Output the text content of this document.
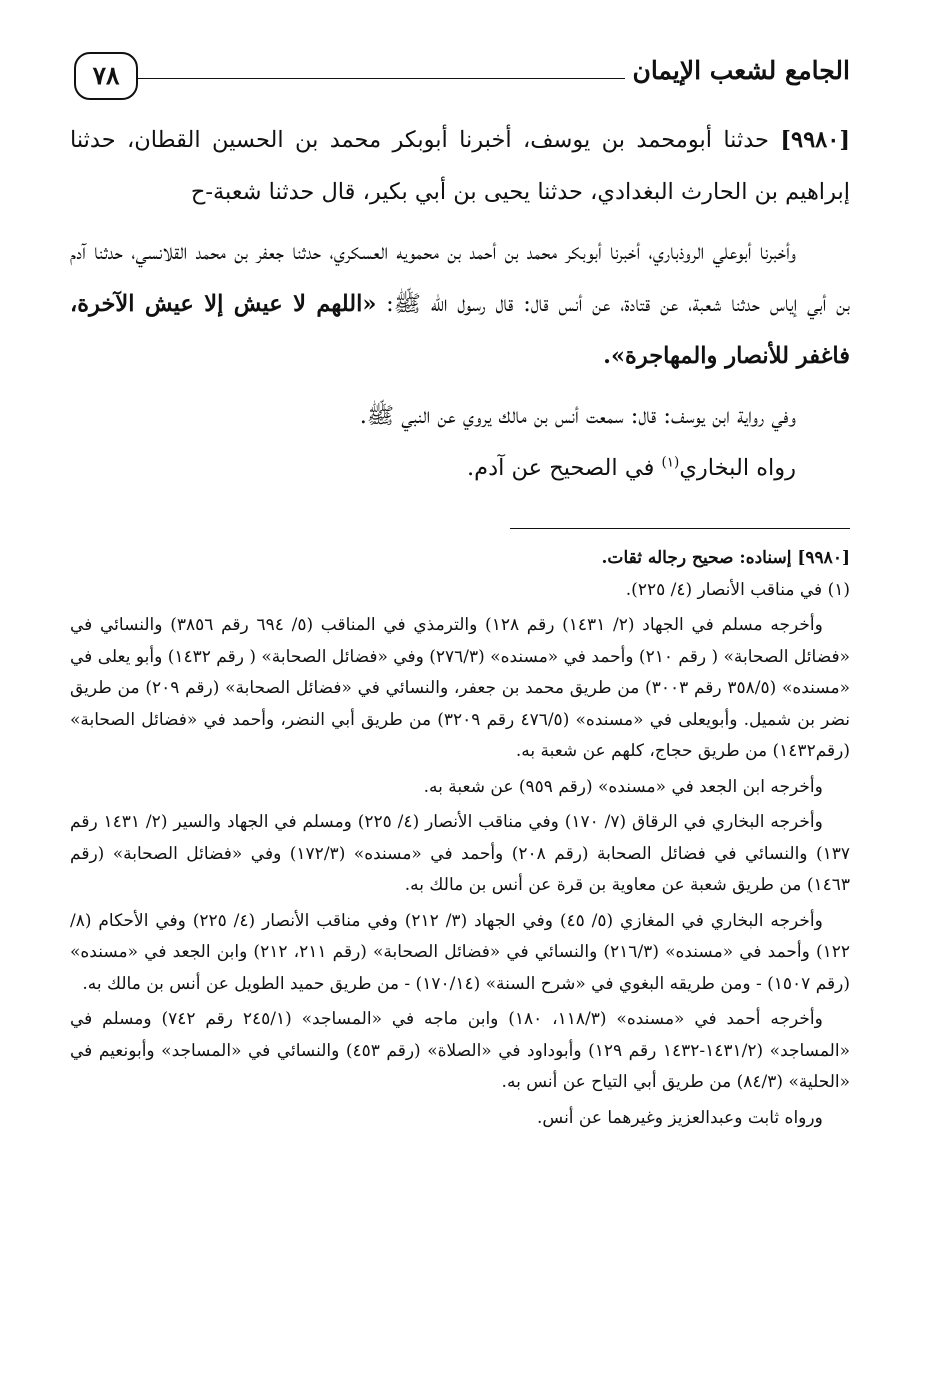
الجامع لشعب الإيمان
٧٨

[٩٩٨٠] حدثنا أبومحمد بن يوسف، أخبرنا أبوبكر محمد بن الحسين القطان، حدثنا إبراهيم بن الحارث البغدادي، حدثنا يحيى بن أبي بكير، قال حدثنا شعبة-ح

وأخبرنا أبوعلي الروذباري، أخبرنا أبوبكر محمد بن أحمد بن محمويه العسكري، حدثنا جعفر بن محمد القلانسي، حدثنا آدم بن أبي إياس حدثنا شعبة، عن قتادة، عن أنس قال: قال رسول الله ﷺ: «اللهم لا عيش إلا عيش الآخرة، فاغفر للأنصار والمهاجرة».

وفي رواية ابن يوسف: قال: سمعت أنس بن مالك يروي عن النبي ﷺ.

رواه البخاري$^{(١)}$ في الصحيح عن آدم.

[٩٩٨٠] إسناده: صحيح رجاله ثقات.

(١) في مناقب الأنصار (٤/ ٢٢٥).

وأخرجه مسلم في الجهاد (٢/ ١٤٣١) رقم ١٢٨) والترمذي في المناقب (٥/ ٦٩٤ رقم ٣٨٥٦) والنسائي في «فضائل الصحابة» ( رقم ٢١٠) وأحمد في «مسنده» (٢٧٦/٣) وفي «فضائل الصحابة» ( رقم ١٤٣٢) وأبو يعلى في «مسنده» (٣٥٨/٥ رقم ٣٠٠٣) من طريق محمد بن جعفر، والنسائي في «فضائل الصحابة» (رقم ٢٠٩) من طريق نضر بن شميل. وأبويعلى في «مسنده» (٤٧٦/٥ رقم ٣٢٠٩) من طريق أبي النضر، وأحمد في «فضائل الصحابة» (رقم١٤٣٢) من طريق حجاج، كلهم عن شعبة به.

وأخرجه ابن الجعد في «مسنده» (رقم ٩٥٩) عن شعبة به.

وأخرجه البخاري في الرقاق (٧/ ١٧٠) وفي مناقب الأنصار (٤/ ٢٢٥) ومسلم في الجهاد والسير (٢/ ١٤٣١ رقم ١٣٧) والنسائي في فضائل الصحابة (رقم ٢٠٨) وأحمد في «مسنده» (١٧٢/٣) وفي «فضائل الصحابة» (رقم ١٤٦٣) من طريق شعبة عن معاوية بن قرة عن أنس بن مالك به.

وأخرجه البخاري في المغازي (٥/ ٤٥) وفي الجهاد (٣/ ٢١٢) وفي مناقب الأنصار (٤/ ٢٢٥) وفي الأحكام (٨/ ١٢٢) وأحمد في «مسنده» (٢١٦/٣) والنسائي في «فضائل الصحابة» (رقم ٢١١، ٢١٢) وابن الجعد في «مسنده» (رقم ١٥٠٧) - ومن طريقه البغوي في «شرح السنة» (١٧٠/١٤) - من طريق حميد الطويل عن أنس بن مالك به.

وأخرجه أحمد في «مسنده» (١١٨/٣، ١٨٠) وابن ماجه في «المساجد» (٢٤٥/١ رقم ٧٤٢) ومسلم في «المساجد» (١٤٣١/٢-١٤٣٢ رقم ١٢٩) وأبوداود في «الصلاة» (رقم ٤٥٣) والنسائي في «المساجد» وأبونعيم في «الحلية» (٨٤/٣) من طريق أبي التياح عن أنس به.

ورواه ثابت وعبدالعزيز وغيرهما عن أنس.
